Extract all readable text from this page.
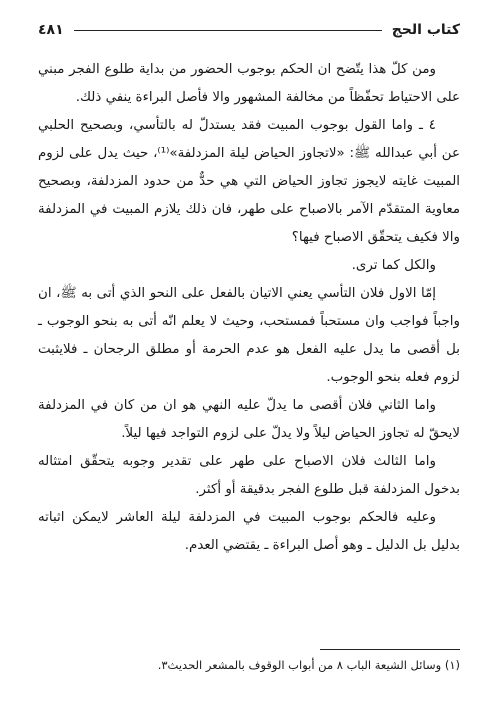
كتاب الحج
٤٨١

ومن كلّ هذا يتّضح ان الحكم بوجوب الحضور من بداية طلوع الفجر مبني على الاحتياط تحفّظاً من مخالفة المشهور والا فأصل البراءة ينفي ذلك.

٤ ـ واما القول بوجوب المبيت فقد يستدلّ له بالتأسي، وبصحيح الحلبي عن أبي عبدالله ﷺ: «لاتجاوز الحياض ليلة المزدلفة»⁽¹⁾، حيث يدل على لزوم المبيت غايته لايجوز تجاوز الحياض التي هي حدٌّ من حدود المزدلفة، وبصحيح معاوية المتقدّم الآمر بالاصباح على طهر، فان ذلك يلازم المبيت في المزدلفة والا فكيف يتحقّق الاصباح فيها؟

والكل كما ترى.

إمّا الاول فلان التأسي يعني الاتيان بالفعل على النحو الذي أتى به ﷺ، ان واجباً فواجب وان مستحباً فمستحب، وحيث لا يعلم انّه أتى به بنحو الوجوب ـ بل أقصى ما يدل عليه الفعل هو عدم الحرمة أو مطلق الرجحان ـ فلايثبت لزوم فعله بنحو الوجوب.

واما الثاني فلان أقصى ما يدلّ عليه النهي هو ان من كان في المزدلفة لايحقّ له تجاوز الحياض ليلاً ولا يدلّ على لزوم التواجد فيها ليلاً.

واما الثالث فلان الاصباح على طهر على تقدير وجوبه يتحقّق امتثاله بدخول المزدلفة قبل طلوع الفجر بدقيقة أو أكثر.

وعليه فالحكم بوجوب المبيت في المزدلفة ليلة العاشر لايمكن اثباته بدليل بل الدليل ـ وهو أصل البراءة ـ يقتضي العدم.

(١) وسائل الشيعة الباب ٨ من أبواب الوقوف بالمشعر الحديث٣.
